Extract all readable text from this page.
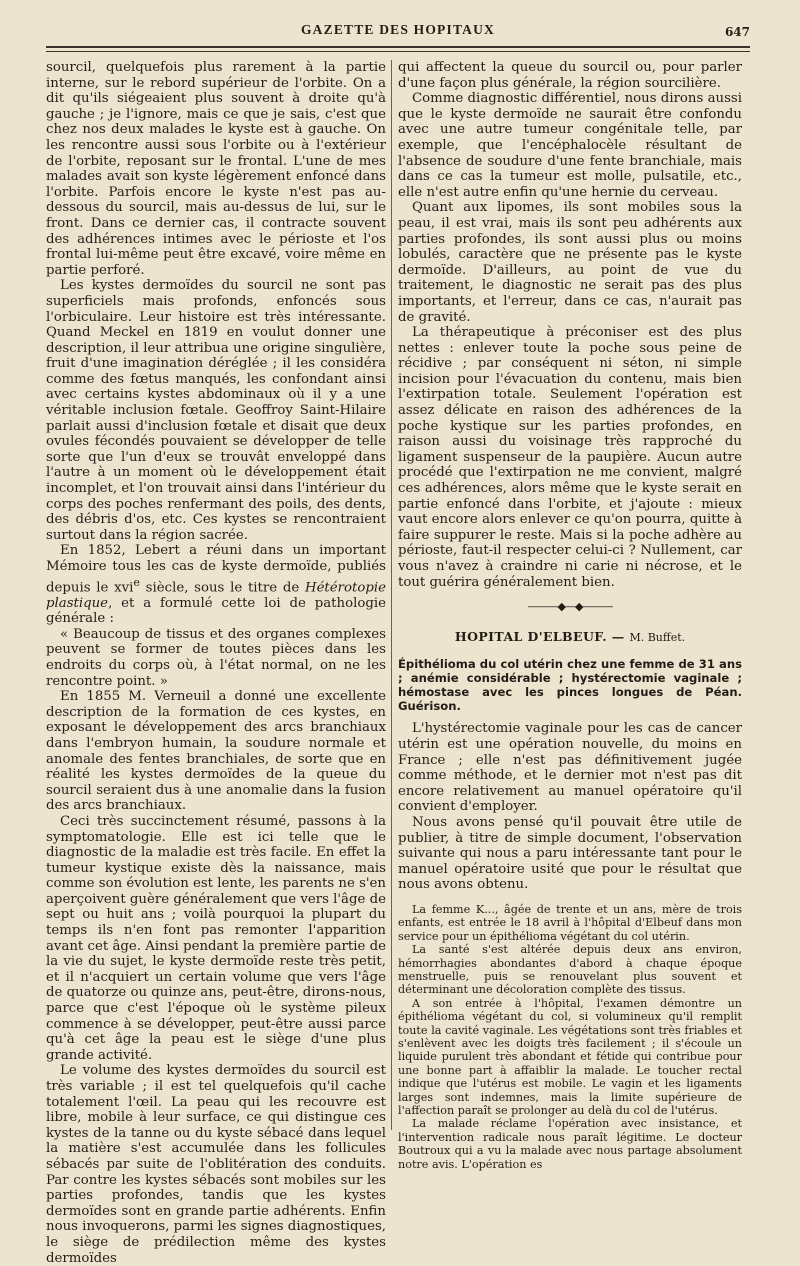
GAZETTE DES HOPITAUX	647

sourcil, quelquefois plus rarement à la partie interne, sur le rebord supérieur de l'orbite. On a dit qu'ils siégeaient plus souvent à droite qu'à gauche ; je l'ignore, mais ce que je sais, c'est que chez nos deux malades le kyste est à gauche. On les rencontre aussi sous l'orbite ou à l'extérieur de l'orbite, reposant sur le frontal. L'une de mes malades avait son kyste légèrement enfoncé dans l'orbite. Parfois encore le kyste n'est pas au-dessous du sourcil, mais au-dessus de lui, sur le front. Dans ce dernier cas, il contracte souvent des adhérences intimes avec le périoste et l'os frontal lui-même peut être excavé, voire même en partie perforé.

Les kystes dermoïdes du sourcil ne sont pas superficiels mais profonds, enfoncés sous l'orbiculaire. Leur histoire est très intéressante. Quand Meckel en 1819 en voulut donner une description, il leur attribua une origine singulière, fruit d'une imagination déréglée ; il les considéra comme des fœtus manqués, les confondant ainsi avec certains kystes abdominaux où il y a une véritable inclusion fœtale. Geoffroy Saint-Hilaire parlait aussi d'inclusion fœtale et disait que deux ovules fécondés pouvaient se développer de telle sorte que l'un d'eux se trouvât enveloppé dans l'autre à un moment où le développement était incomplet, et l'on trouvait ainsi dans l'intérieur du corps des poches renfermant des poils, des dents, des débris d'os, etc. Ces kystes se rencontraient surtout dans la région sacrée.

En 1852, Lebert a réuni dans un important Mémoire tous les cas de kyste dermoïde, publiés depuis le xvi$^e$ siècle, sous le titre de Hétérotopie plastique, et a formulé cette loi de pathologie générale :

« Beaucoup de tissus et des organes complexes peuvent se former de toutes pièces dans les endroits du corps où, à l'état normal, on ne les rencontre point. »

En 1855 M. Verneuil a donné une excellente description de la formation de ces kystes, en exposant le développement des arcs branchiaux dans l'embryon humain, la soudure normale et anomale des fentes branchiales, de sorte que en réalité les kystes dermoïdes de la queue du sourcil seraient dus à une anomalie dans la fusion des arcs branchiaux.

Ceci très succinctement résumé, passons à la symptomatologie. Elle est ici telle que le diagnostic de la maladie est très facile. En effet la tumeur kystique existe dès la naissance, mais comme son évolution est lente, les parents ne s'en aperçoivent guère généralement que vers l'âge de sept ou huit ans ; voilà pourquoi la plupart du temps ils n'en font pas remonter l'apparition avant cet âge. Ainsi pendant la première partie de la vie du sujet, le kyste dermoïde reste très petit, et il n'acquiert un certain volume que vers l'âge de quatorze ou quinze ans, peut-être, dirons-nous, parce que c'est l'époque où le système pileux commence à se développer, peut-être aussi parce qu'à cet âge la peau est le siège d'une plus grande activité.

Le volume des kystes dermoïdes du sourcil est très variable ; il est tel quelquefois qu'il cache totalement l'œil. La peau qui les recouvre est libre, mobile à leur surface, ce qui distingue ces kystes de la tanne ou du kyste sébacé dans lequel la matière s'est accumulée dans les follicules sébacés par suite de l'oblitération des conduits. Par contre les kystes sébacés sont mobiles sur les parties profondes, tandis que les kystes dermoïdes sont en grande partie adhérents. Enfin nous invoquerons, parmi les signes diagnostiques, le siège de prédilection même des kystes dermoïdes

qui affectent la queue du sourcil ou, pour parler d'une façon plus générale, la région sourcilière.

Comme diagnostic différentiel, nous dirons aussi que le kyste dermoïde ne saurait être confondu avec une autre tumeur congénitale telle, par exemple, que l'encéphalocèle résultant de l'absence de soudure d'une fente branchiale, mais dans ce cas la tumeur est molle, pulsatile, etc., elle n'est autre enfin qu'une hernie du cerveau.

Quant aux lipomes, ils sont mobiles sous la peau, il est vrai, mais ils sont peu adhérents aux parties profondes, ils sont aussi plus ou moins lobulés, caractère que ne présente pas le kyste dermoïde. D'ailleurs, au point de vue du traitement, le diagnostic ne serait pas des plus importants, et l'erreur, dans ce cas, n'aurait pas de gravité.

La thérapeutique à préconiser est des plus nettes : enlever toute la poche sous peine de récidive ; par conséquent ni séton, ni simple incision pour l'évacuation du contenu, mais bien l'extirpation totale. Seulement l'opération est assez délicate en raison des adhérences de la poche kystique sur les parties profondes, en raison aussi du voisinage très rapproché du ligament suspenseur de la paupière. Aucun autre procédé que l'extirpation ne me convient, malgré ces adhérences, alors même que le kyste serait en partie enfoncé dans l'orbite, et j'ajoute : mieux vaut encore alors enlever ce qu'on pourra, quitte à faire suppurer le reste. Mais si la poche adhère au périoste, faut-il respecter celui-ci ? Nullement, car vous n'avez à craindre ni carie ni nécrose, et le tout guérira généralement bien.

———◆—◆———
HOPITAL D'ELBEUF. — M. Buffet.
Épithélioma du col utérin chez une femme de 31 ans ; anémie considérable ; hystérectomie vaginale ; hémostase avec les pinces longues de Péan. Guérison.

L'hystérectomie vaginale pour les cas de cancer utérin est une opération nouvelle, du moins en France ; elle n'est pas définitivement jugée comme méthode, et le dernier mot n'est pas dit encore relativement au manuel opératoire qu'il convient d'employer.

Nous avons pensé qu'il pouvait être utile de publier, à titre de simple document, l'observation suivante qui nous a paru intéressante tant pour le manuel opératoire usité que pour le résultat que nous avons obtenu.

La femme K..., âgée de trente et un ans, mère de trois enfants, est entrée le 18 avril à l'hôpital d'Elbeuf dans mon service pour un épithélioma végétant du col utérin.

La santé s'est altérée depuis deux ans environ, hémorrhagies abondantes d'abord à chaque époque menstruelle, puis se renouvelant plus souvent et déterminant une décoloration complète des tissus.

A son entrée à l'hôpital, l'examen démontre un épithélioma végétant du col, si volumineux qu'il remplit toute la cavité vaginale. Les végétations sont très friables et s'enlèvent avec les doigts très facilement ; il s'écoule un liquide purulent très abondant et fétide qui contribue pour une bonne part à affaiblir la malade. Le toucher rectal indique que l'utérus est mobile. Le vagin et les ligaments larges sont indemnes, mais la limite supérieure de l'affection paraît se prolonger au delà du col de l'utérus.

La malade réclame l'opération avec insistance, et l'intervention radicale nous paraît légitime. Le docteur Boutroux qui a vu la malade avec nous partage absolument notre avis. L'opération es
